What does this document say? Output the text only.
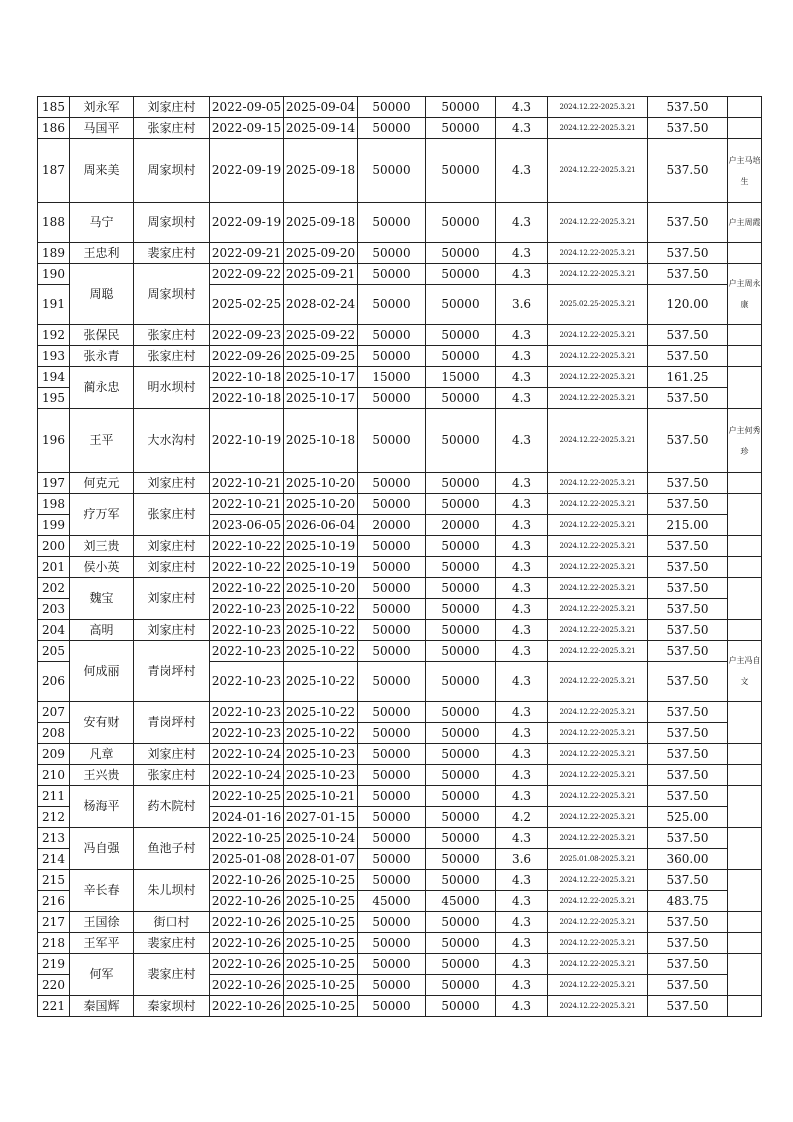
185	刘永军	刘家庄村	2022-09-05	2025-09-04	50000	50000	4.3	2024.12.22-2025.3.21	537.50	

186	马国平	张家庄村	2022-09-15	2025-09-14	50000	50000	4.3	2024.12.22-2025.3.21	537.50	

187	周来美	周家坝村	2022-09-19	2025-09-18	50000	50000	4.3	2024.12.22-2025.3.21	537.50	户主马培生

188	马宁	周家坝村	2022-09-19	2025-09-18	50000	50000	4.3	2024.12.22-2025.3.21	537.50	户主周霞

189	王忠利	裴家庄村	2022-09-21	2025-09-20	50000	50000	4.3	2024.12.22-2025.3.21	537.50	

190	周聪	周家坝村	2022-09-22	2025-09-21	50000	50000	4.3	2024.12.22-2025.3.21	537.50	户主周永康

191			2025-02-25	2028-02-24	50000	50000	3.6	2025.02.25-2025.3.21	120.00	
192	张保民	张家庄村	2022-09-23	2025-09-22	50000	50000	4.3	2024.12.22-2025.3.21	537.50	

193	张永青	张家庄村	2022-09-26	2025-09-25	50000	50000	4.3	2024.12.22-2025.3.21	537.50	

194	蔺永忠	明水坝村	2022-10-18	2025-10-17	15000	15000	4.3	2024.12.22-2025.3.21	161.25	

195			2022-10-18	2025-10-17	50000	50000	4.3	2024.12.22-2025.3.21	537.50	
196	王平	大水沟村	2022-10-19	2025-10-18	50000	50000	4.3	2024.12.22-2025.3.21	537.50	户主何秀珍

197	何克元	刘家庄村	2022-10-21	2025-10-20	50000	50000	4.3	2024.12.22-2025.3.21	537.50	

198	疗万军	张家庄村	2022-10-21	2025-10-20	50000	50000	4.3	2024.12.22-2025.3.21	537.50	

199			2023-06-05	2026-06-04	20000	20000	4.3	2024.12.22-2025.3.21	215.00	
200	刘三贵	刘家庄村	2022-10-22	2025-10-19	50000	50000	4.3	2024.12.22-2025.3.21	537.50	

201	侯小英	刘家庄村	2022-10-22	2025-10-19	50000	50000	4.3	2024.12.22-2025.3.21	537.50	

202	魏宝	刘家庄村	2022-10-22	2025-10-20	50000	50000	4.3	2024.12.22-2025.3.21	537.50	

203			2022-10-23	2025-10-22	50000	50000	4.3	2024.12.22-2025.3.21	537.50	
204	高明	刘家庄村	2022-10-23	2025-10-22	50000	50000	4.3	2024.12.22-2025.3.21	537.50	

205	何成丽	青岗坪村	2022-10-23	2025-10-22	50000	50000	4.3	2024.12.22-2025.3.21	537.50	户主冯自文

206			2022-10-23	2025-10-22	50000	50000	4.3	2024.12.22-2025.3.21	537.50	
207	安有财	青岗坪村	2022-10-23	2025-10-22	50000	50000	4.3	2024.12.22-2025.3.21	537.50	

208			2022-10-23	2025-10-22	50000	50000	4.3	2024.12.22-2025.3.21	537.50	
209	凡章	刘家庄村	2022-10-24	2025-10-23	50000	50000	4.3	2024.12.22-2025.3.21	537.50	

210	王兴贵	张家庄村	2022-10-24	2025-10-23	50000	50000	4.3	2024.12.22-2025.3.21	537.50	

211	杨海平	药木院村	2022-10-25	2025-10-21	50000	50000	4.3	2024.12.22-2025.3.21	537.50	

212			2024-01-16	2027-01-15	50000	50000	4.2	2024.12.22-2025.3.21	525.00	
213	冯自强	鱼池子村	2022-10-25	2025-10-24	50000	50000	4.3	2024.12.22-2025.3.21	537.50	

214			2025-01-08	2028-01-07	50000	50000	3.6	2025.01.08-2025.3.21	360.00	
215	辛长春	朱儿坝村	2022-10-26	2025-10-25	50000	50000	4.3	2024.12.22-2025.3.21	537.50	

216			2022-10-26	2025-10-25	45000	45000	4.3	2024.12.22-2025.3.21	483.75	
217	王国徐	街口村	2022-10-26	2025-10-25	50000	50000	4.3	2024.12.22-2025.3.21	537.50	

218	王军平	裴家庄村	2022-10-26	2025-10-25	50000	50000	4.3	2024.12.22-2025.3.21	537.50	

219	何军	裴家庄村	2022-10-26	2025-10-25	50000	50000	4.3	2024.12.22-2025.3.21	537.50	

220			2022-10-26	2025-10-25	50000	50000	4.3	2024.12.22-2025.3.21	537.50	
221	秦国辉	秦家坝村	2022-10-26	2025-10-25	50000	50000	4.3	2024.12.22-2025.3.21	537.50	
